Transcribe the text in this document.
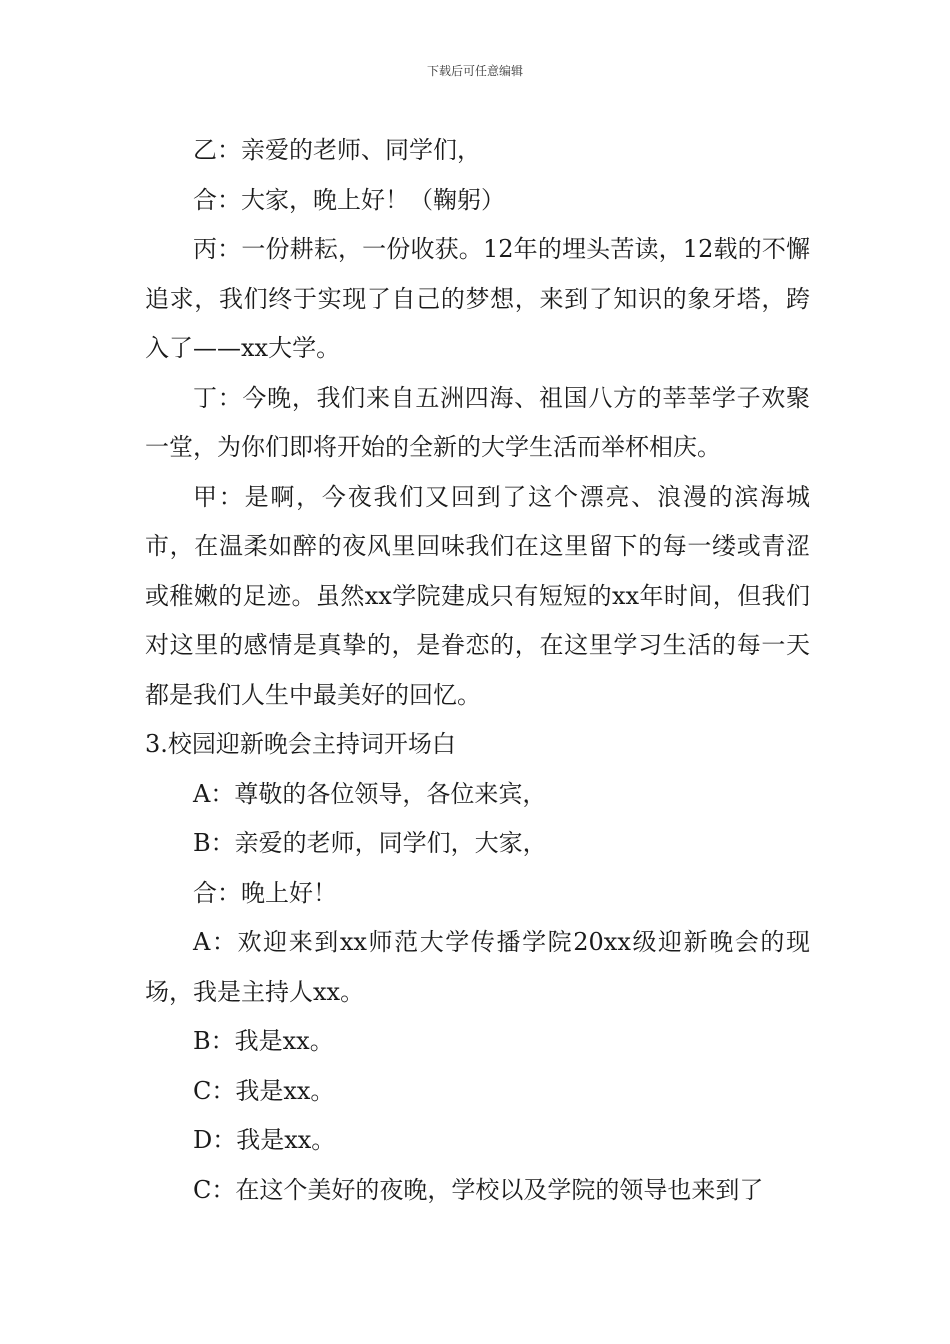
下载后可任意编辑

乙：亲爱的老师、同学们，

合：大家，晚上好！（鞠躬）

丙：一份耕耘，一份收获。12年的埋头苦读，12载的不懈追求，我们终于实现了自己的梦想，来到了知识的象牙塔，跨入了——xx大学。

丁：今晚，我们来自五洲四海、祖国八方的莘莘学子欢聚一堂，为你们即将开始的全新的大学生活而举杯相庆。

甲：是啊，今夜我们又回到了这个漂亮、浪漫的滨海城市，在温柔如醉的夜风里回味我们在这里留下的每一缕或青涩或稚嫩的足迹。虽然xx学院建成只有短短的xx年时间，但我们对这里的感情是真挚的，是眷恋的，在这里学习生活的每一天都是我们人生中最美好的回忆。

3.校园迎新晚会主持词开场白

A：尊敬的各位领导，各位来宾，

B：亲爱的老师，同学们，大家，

合：晚上好！

A：欢迎来到xx师范大学传播学院20xx级迎新晚会的现场，我是主持人xx。

B：我是xx。

C：我是xx。

D：我是xx。

C：在这个美好的夜晚，学校以及学院的领导也来到了
